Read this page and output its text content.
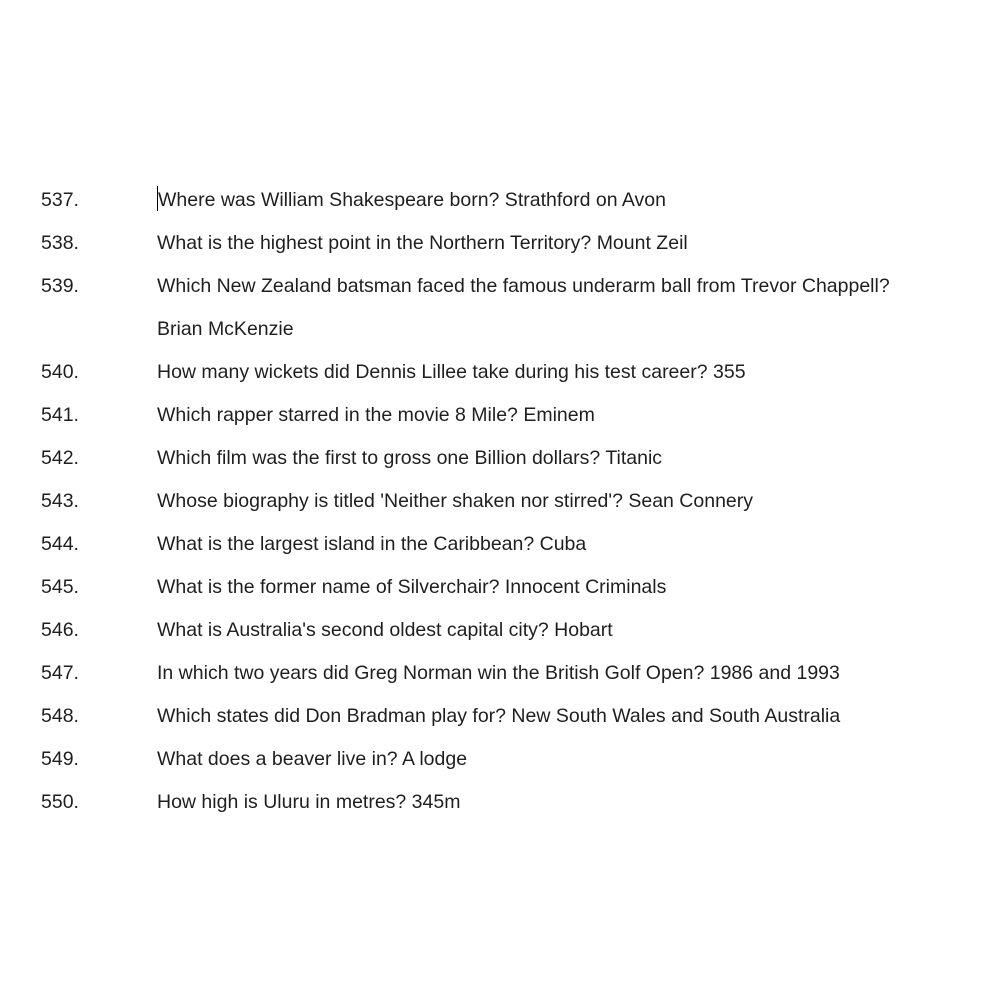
537.	Where was William Shakespeare born? Strathford on Avon
538.	What is the highest point in the Northern Territory? Mount Zeil
539.	Which New Zealand batsman faced the famous underarm ball from Trevor Chappell?
Brian McKenzie
540.	How many wickets did Dennis Lillee take during his test career? 355
541.	Which rapper starred in the movie 8 Mile? Eminem
542.	Which film was the first to gross one Billion dollars? Titanic
543.	Whose biography is titled 'Neither shaken nor stirred'? Sean Connery
544.	What is the largest island in the Caribbean? Cuba
545.	What is the former name of Silverchair? Innocent Criminals
546.	What is Australia's second oldest capital city? Hobart
547.	In which two years did Greg Norman win the British Golf Open? 1986 and 1993
548.	Which states did Don Bradman play for? New South Wales and South Australia
549.	What does a beaver live in? A lodge
550.	How high is Uluru in metres? 345m
